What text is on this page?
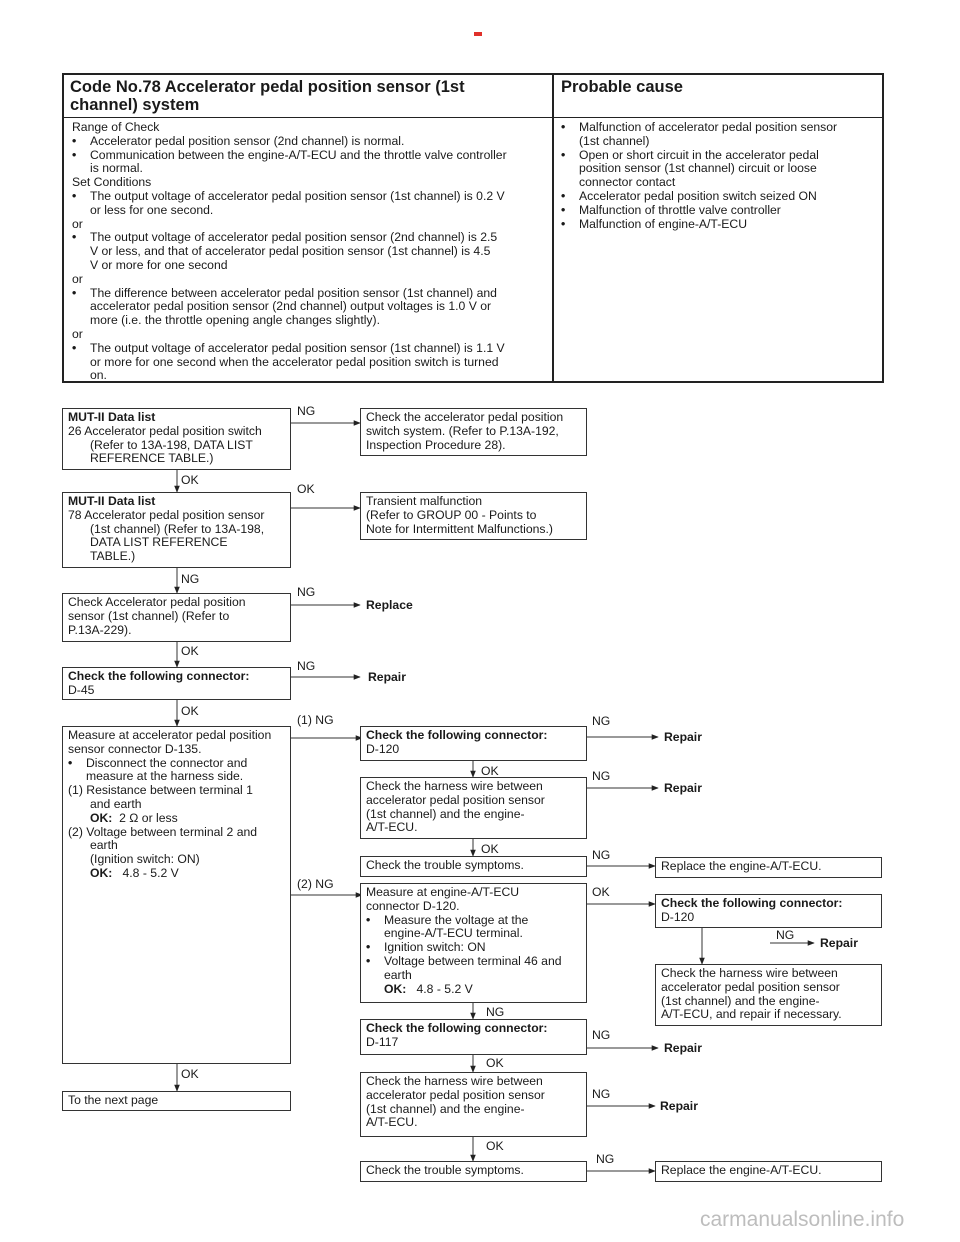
Code No.78 Accelerator pedal position sensor (1st
channel) system
Probable cause
Range of Check
• Accelerator pedal position sensor (2nd channel) is normal.
• Communication between the engine-A/T-ECU and the throttle valve controller
is normal.
Set Conditions
• The output voltage of accelerator pedal position sensor (1st channel) is 0.2 V
or less for one second.
or
• The output voltage of accelerator pedal position sensor (2nd channel) is 2.5
V or less, and that of accelerator pedal position sensor (1st channel) is 4.5
V or more for one second
or
• The difference between accelerator pedal position sensor (1st channel) and
accelerator pedal position sensor (2nd channel) output voltages is 1.0 V or
more (i.e. the throttle opening angle changes slightly).
or
• The output voltage of accelerator pedal position sensor (1st channel) is 1.1 V
or more for one second when the accelerator pedal position switch is turned
on.
• Malfunction of accelerator pedal position sensor
(1st channel)
• Open or short circuit in the accelerator pedal
position sensor (1st channel) circuit or loose
connector contact
• Accelerator pedal position switch seized ON
• Malfunction of throttle valve controller
• Malfunction of engine-A/T-ECU
MUT-II Data list
26 Accelerator pedal position switch
(Refer to 13A-198, DATA LIST
REFERENCE TABLE.)
MUT-II Data list
78 Accelerator pedal position sensor
(1st channel) (Refer to 13A-198,
DATA LIST REFERENCE
TABLE.)
Check Accelerator pedal position
sensor (1st channel) (Refer to
P.13A-229).
Check the following connector:
D-45
Measure at accelerator pedal position
sensor connector D-135.
• Disconnect the connector and
measure at the harness side.
(1) Resistance between terminal 1
and earth
OK: 2 Ω or less
(2) Voltage between terminal 2 and
earth
(Ignition switch: ON)
OK: 4.8 - 5.2 V
To the next page
Check the accelerator pedal position
switch system. (Refer to P.13A-192,
Inspection Procedure 28).
Transient malfunction
(Refer to GROUP 00 - Points to
Note for Intermittent Malfunctions.)
Check the following connector:
D-120
Check the harness wire between
accelerator pedal position sensor
(1st channel) and the engine-
A/T-ECU.
Check the trouble symptoms.
Measure at engine-A/T-ECU
connector D-120.
• Measure the voltage at the
engine-A/T-ECU terminal.
• Ignition switch: ON
• Voltage between terminal 46 and
earth
OK: 4.8 - 5.2 V
Check the following connector:
D-117
Check the harness wire between
accelerator pedal position sensor
(1st channel) and the engine-
A/T-ECU.
Check the trouble symptoms.
Replace the engine-A/T-ECU.
Check the following connector:
D-120
Check the harness wire between
accelerator pedal position sensor
(1st channel) and the engine-
A/T-ECU, and repair if necessary.
Replace the engine-A/T-ECU.
NG
OK
OK
NG
NG
OK
NG
OK
(1) NG
(2) NG
OK
NG
OK	NG
OK	NG
OK
NG
NG
NG
OK
NG
OK
NG
Replace
Repair
Repair
Repair
Repair
Repair
Repair
carmanualsonline.info
